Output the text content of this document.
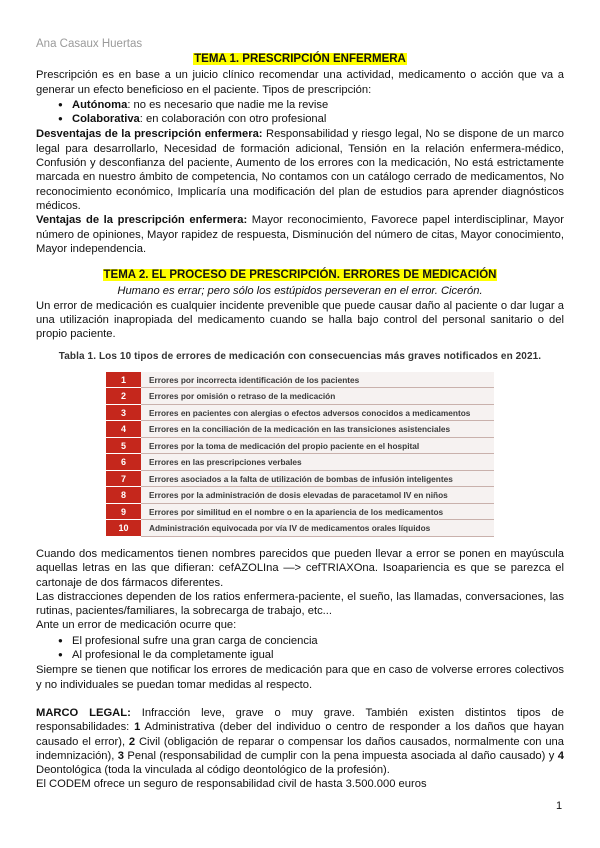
Ana Casaux Huertas
TEMA 1. PRESCRIPCIÓN ENFERMERA

Prescripción es en base a un juicio clínico recomendar una actividad, medicamento o acción que va a generar un efecto beneficioso en el paciente. Tipos de prescripción:

● Autónoma: no es necesario que nadie me la revise
● Colaborativa: en colaboración con otro profesional

Desventajas de la prescripción enfermera: Responsabilidad y riesgo legal, No se dispone de un marco legal para desarrollarlo, Necesidad de formación adicional, Tensión en la relación enfermera-médico, Confusión y desconfianza del paciente, Aumento de los errores con la medicación, No está estrictamente marcada en nuestro ámbito de competencia, No contamos con un catálogo cerrado de medicamentos, No reconocimiento económico, Implicaría una modificación del plan de estudios para aprender diagnósticos médicos.

Ventajas de la prescripción enfermera: Mayor reconocimiento, Favorece papel interdisciplinar, Mayor número de opiniones, Mayor rapidez de respuesta, Disminución del número de citas, Mayor conocimiento, Mayor independencia.

TEMA 2. EL PROCESO DE PRESCRIPCIÓN. ERRORES DE MEDICACIÓN
Humano es errar; pero sólo los estúpidos perseveran en el error. Cicerón.

Un error de medicación es cualquier incidente prevenible que puede causar daño al paciente o dar lugar a una utilización inapropiada del medicamento cuando se halla bajo control del personal sanitario o del propio paciente.

Tabla 1. Los 10 tipos de errores de medicación con consecuencias más graves notificados en 2021.
1	Errores por incorrecta identificación de los pacientes
2	Errores por omisión o retraso de la medicación
3	Errores en pacientes con alergias o efectos adversos conocidos a medicamentos
4	Errores en la conciliación de la medicación en las transiciones asistenciales
5	Errores por la toma de medicación del propio paciente en el hospital
6	Errores en las prescripciones verbales
7	Errores asociados a la falta de utilización de bombas de infusión inteligentes
8	Errores por la administración de dosis elevadas de paracetamol IV en niños
9	Errores por similitud en el nombre o en la apariencia de los medicamentos
10	Administración equivocada por vía IV de medicamentos orales líquidos

Cuando dos medicamentos tienen nombres parecidos que pueden llevar a error se ponen en mayúscula aquellas letras en las que difieran: cefAZOLIna —> cefTRIAXOna. Isoapariencia es que se parezca el cartonaje de dos fármacos diferentes.

Las distracciones dependen de los ratios enfermera-paciente, el sueño, las llamadas, conversaciones, las rutinas, pacientes/familiares, la sobrecarga de trabajo, etc...

Ante un error de medicación ocurre que:

● El profesional sufre una gran carga de conciencia
● Al profesional le da completamente igual

Siempre se tienen que notificar los errores de medicación para que en caso de volverse errores colectivos y no individuales se puedan tomar medidas al respecto.

MARCO LEGAL: Infracción leve, grave o muy grave. También existen distintos tipos de responsabilidades: 1 Administrativa (deber del individuo o centro de responder a los daños que hayan causado el error), 2 Civil (obligación de reparar o compensar los daños causados, normalmente con una indemnización), 3 Penal (responsabilidad de cumplir con la pena impuesta asociada al daño causado) y 4 Deontológica (toda la vinculada al código deontológico de la profesión).

El CODEM ofrece un seguro de responsabilidad civil de hasta 3.500.000 euros

1
